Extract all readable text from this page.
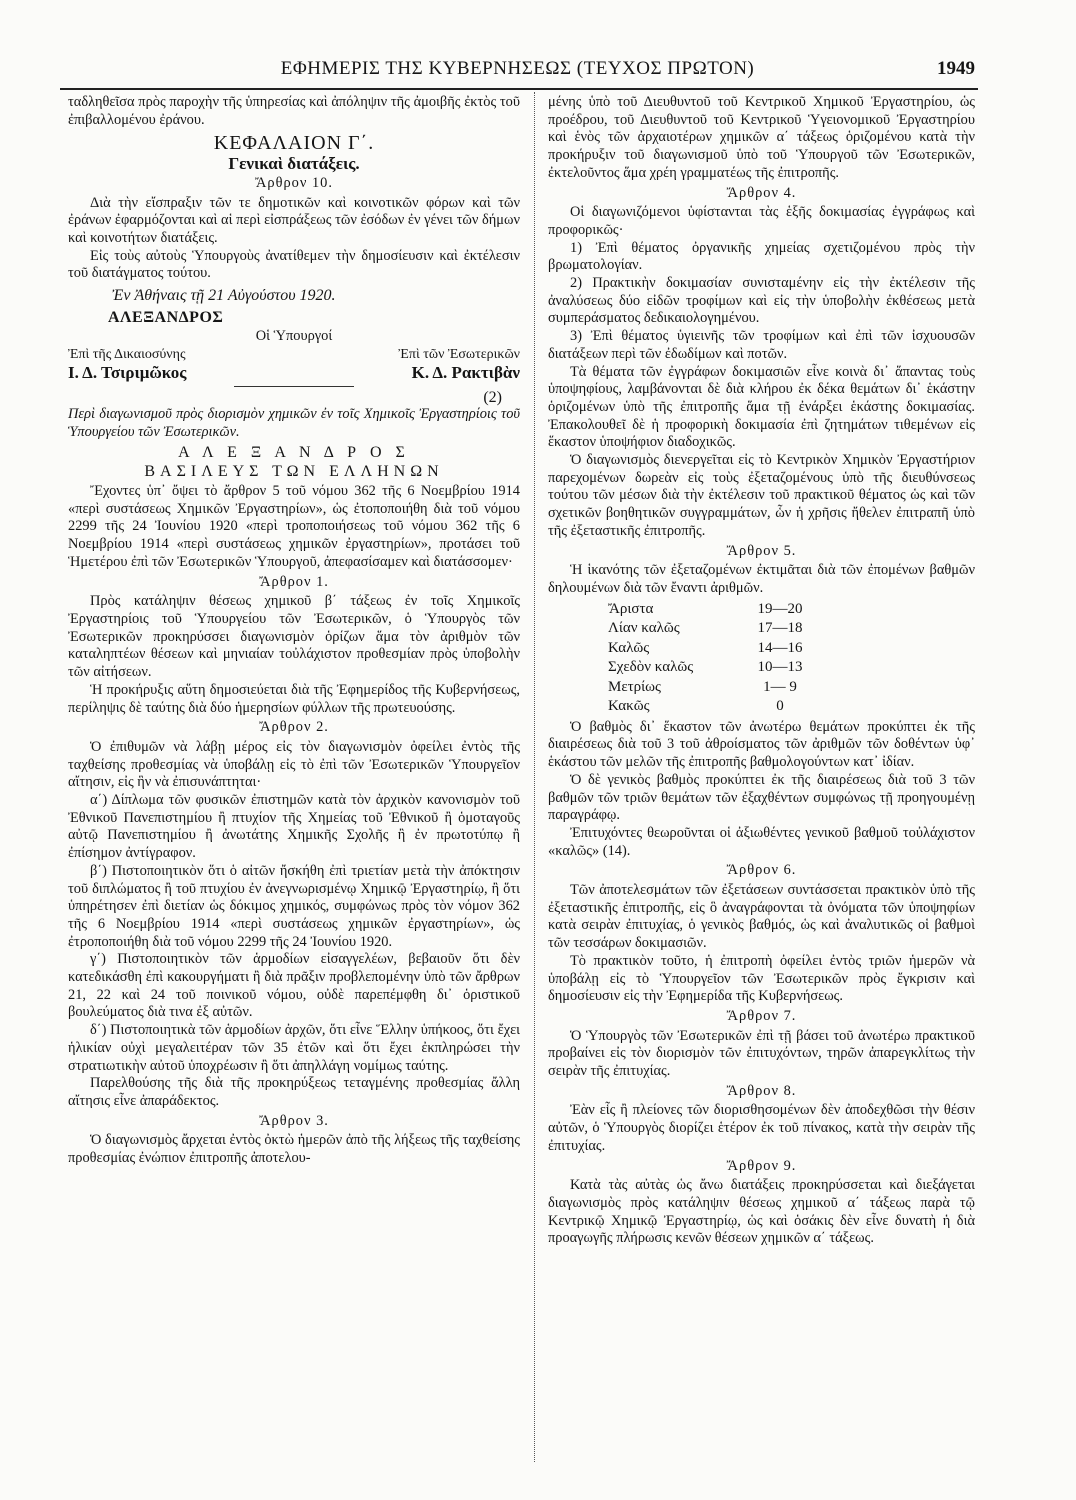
ΕΦΗΜΕΡΙΣ ΤΗΣ ΚΥΒΕΡΝΗΣΕΩΣ (ΤΕΥΧΟΣ ΠΡΩΤΟΝ)	1949

ταδληθεῖσα πρὸς παροχὴν τῆς ὑπηρεσίας καὶ ἀπόληψιν τῆς ἀμοιβῆς ἐκτὸς τοῦ ἐπιβαλλομένου ἐράνου.

ΚΕΦΑΛΑΙΟΝ Γ΄.
Γενικαὶ διατάξεις.
Ἄρθρον 10.

Διὰ τὴν εἴσπραξιν τῶν τε δημοτικῶν καὶ κοινοτικῶν φόρων καὶ τῶν ἐράνων ἐφαρμόζονται καὶ αἱ περὶ εἰσπράξεως τῶν ἐσόδων ἐν γένει τῶν δήμων καὶ κοινοτήτων διατάξεις.

Εἰς τοὺς αὐτοὺς Ὑπουργοὺς ἀνατίθεμεν τὴν δημοσίευσιν καὶ ἐκτέλεσιν τοῦ διατάγματος τούτου.

Ἐν Ἀθήναις τῇ 21 Αὐγούστου 1920.
ΑΛΕΞΑΝΔΡΟΣ
Οἱ Ὑπουργοί
Ἐπὶ τῆς Δικαιοσύνης	Ἐπὶ τῶν Ἐσωτερικῶν
Ι. Δ. Τσιριμῶκος	Κ. Δ. Ρακτιβὰν
(2)

Περὶ διαγωνισμοῦ πρὸς διορισμὸν χημικῶν ἐν τοῖς Χημικοῖς Ἐργαστηρίοις τοῦ Ὑπουργείου τῶν Ἐσωτερικῶν.

Α Λ Ε Ξ Α Ν Δ Ρ Ο Σ
ΒΑΣΙΛΕΥΣ ΤΩΝ ΕΛΛΗΝΩΝ

Ἔχοντες ὑπ᾿ ὄψει τὸ ἄρθρον 5 τοῦ νόμου 362 τῆς 6 Νοεμβρίου 1914 «περὶ συστάσεως Χημικῶν Ἐργαστηρίων», ὡς ἐτοποποιήθη διὰ τοῦ νόμου 2299 τῆς 24 Ἰουνίου 1920 «περὶ τροποποιήσεως τοῦ νόμου 362 τῆς 6 Νοεμβρίου 1914 «περὶ συστάσεως χημικῶν ἐργαστηρίων», προτάσει τοῦ Ἡμετέρου ἐπὶ τῶν Ἐσωτερικῶν Ὑπουργοῦ, ἀπεφασίσαμεν καὶ διατάσσομεν·

Ἄρθρον 1.

Πρὸς κατάληψιν θέσεως χημικοῦ β΄ τάξεως ἐν τοῖς Χημικοῖς Ἐργαστηρίοις τοῦ Ὑπουργείου τῶν Ἐσωτερικῶν, ὁ Ὑπουργὸς τῶν Ἐσωτερικῶν προκηρύσσει διαγωνισμὸν ὁρίζων ἅμα τὸν ἀριθμὸν τῶν καταληπτέων θέσεων καὶ μηνιαίαν τοὐλάχιστον προθεσμίαν πρὸς ὑποβολὴν τῶν αἰτήσεων.

Ἡ προκήρυξις αὕτη δημοσιεύεται διὰ τῆς Ἐφημερίδος τῆς Κυβερνήσεως, περίληψις δὲ ταύτης διὰ δύο ἡμερησίων φύλλων τῆς πρωτευούσης.

Ἄρθρον 2.

Ὁ ἐπιθυμῶν νὰ λάβῃ μέρος εἰς τὸν διαγωνισμὸν ὀφείλει ἐντὸς τῆς ταχθείσης προθεσμίας νὰ ὑποβάλῃ εἰς τὸ ἐπὶ τῶν Ἐσωτερικῶν Ὑπουργεῖον αἴτησιν, εἰς ἣν νὰ ἐπισυνάπτηται·

α΄) Δίπλωμα τῶν φυσικῶν ἐπιστημῶν κατὰ τὸν ἀρχικὸν κανονισμὸν τοῦ Ἐθνικοῦ Πανεπιστημίου ἢ πτυχίον τῆς Χημείας τοῦ Ἐθνικοῦ ἢ ὁμοταγοῦς αὐτῷ Πανεπιστημίου ἢ ἀνωτάτης Χημικῆς Σχολῆς ἢ ἐν πρωτοτύπῳ ἢ ἐπίσημον ἀντίγραφον.

β΄) Πιστοποιητικὸν ὅτι ὁ αἰτῶν ἤσκήθη ἐπὶ τριετίαν μετὰ τὴν ἀπόκτησιν τοῦ διπλώματος ἢ τοῦ πτυχίου ἐν ἀνεγνωρισμένῳ Χημικῷ Ἐργαστηρίῳ, ἢ ὅτι ὑπηρέτησεν ἐπὶ διετίαν ὡς δόκιμος χημικός, συμφώνως πρὸς τὸν νόμον 362 τῆς 6 Νοεμβρίου 1914 «περὶ συστάσεως χημικῶν ἐργαστηρίων», ὡς ἐτροποποιήθη διὰ τοῦ νόμου 2299 τῆς 24 Ἰουνίου 1920.

γ΄) Πιστοποιητικὸν τῶν ἁρμοδίων εἰσαγγελέων, βεβαιοῦν ὅτι δὲν κατεδικάσθη ἐπὶ κακουργήματι ἢ διὰ πρᾶξιν προβλεπομένην ὑπὸ τῶν ἄρθρων 21, 22 καὶ 24 τοῦ ποινικοῦ νόμου, οὐδὲ παρεπέμφθη δι᾿ ὁριστικοῦ βουλεύματος διὰ τινα ἐξ αὐτῶν.

δ΄) Πιστοποιητικὰ τῶν ἁρμοδίων ἀρχῶν, ὅτι εἶνε Ἕλλην ὑπήκοος, ὅτι ἔχει ἡλικίαν οὐχὶ μεγαλειτέραν τῶν 35 ἐτῶν καὶ ὅτι ἔχει ἐκπληρώσει τὴν στρατιωτικὴν αὐτοῦ ὑποχρέωσιν ἢ ὅτι ἀπηλλάγη νομίμως ταύτης.

Παρελθούσης τῆς διὰ τῆς προκηρύξεως τεταγμένης προθεσμίας ἄλλη αἴτησις εἶνε ἀπαράδεκτος.

Ἄρθρον 3.

Ὁ διαγωνισμὸς ἄρχεται ἐντὸς ὀκτὼ ἡμερῶν ἀπὸ τῆς λήξεως τῆς ταχθείσης προθεσμίας ἐνώπιον ἐπιτροπῆς ἀποτελου-

μένης ὑπὸ τοῦ Διευθυντοῦ τοῦ Κεντρικοῦ Χημικοῦ Ἐργαστηρίου, ὡς προέδρου, τοῦ Διευθυντοῦ τοῦ Κεντρικοῦ Ὑγειονομικοῦ Ἐργαστηρίου καὶ ἑνὸς τῶν ἀρχαιοτέρων χημικῶν α΄ τάξεως ὁριζομένου κατὰ τὴν προκήρυξιν τοῦ διαγωνισμοῦ ὑπὸ τοῦ Ὑπουργοῦ τῶν Ἐσωτερικῶν, ἐκτελοῦντος ἅμα χρέη γραμματέως τῆς ἐπιτροπῆς.

Ἄρθρον 4.

Οἱ διαγωνιζόμενοι ὑφίστανται τὰς ἑξῆς δοκιμασίας ἐγγράφως καὶ προφορικῶς·

1) Ἐπὶ θέματος ὀργανικῆς χημείας σχετιζομένου πρὸς τὴν βρωματολογίαν.

2) Πρακτικὴν δοκιμασίαν συνισταμένην εἰς τὴν ἐκτέλεσιν τῆς ἀναλύσεως δύο εἰδῶν τροφίμων καὶ εἰς τὴν ὑποβολὴν ἐκθέσεως μετὰ συμπεράσματος δεδικαιολογημένου.

3) Ἐπὶ θέματος ὑγιεινῆς τῶν τροφίμων καὶ ἐπὶ τῶν ἰσχυουσῶν διατάξεων περὶ τῶν ἐδωδίμων καὶ ποτῶν.

Τὰ θέματα τῶν ἐγγράφων δοκιμασιῶν εἶνε κοινὰ δι᾿ ἅπαντας τοὺς ὑποψηφίους, λαμβάνονται δὲ διὰ κλήρου ἐκ δέκα θεμάτων δι᾿ ἑκάστην ὁριζομένων ὑπὸ τῆς ἐπιτροπῆς ἅμα τῇ ἐνάρξει ἑκάστης δοκιμασίας. Ἐπακολουθεῖ δὲ ἡ προφορικὴ δοκιμασία ἐπὶ ζητημάτων τιθεμένων εἰς ἕκαστον ὑποψήφιον διαδοχικῶς.

Ὁ διαγωνισμὸς διενεργεῖται εἰς τὸ Κεντρικὸν Χημικὸν Ἐργαστήριον παρεχομένων δωρεὰν εἰς τοὺς ἐξεταζομένους ὑπὸ τῆς διευθύνσεως τούτου τῶν μέσων διὰ τὴν ἐκτέλεσιν τοῦ πρακτικοῦ θέματος ὡς καὶ τῶν σχετικῶν βοηθητικῶν συγγραμμάτων, ὧν ἡ χρῆσις ἤθελεν ἐπιτραπῆ ὑπὸ τῆς ἐξεταστικῆς ἐπιτροπῆς.

Ἄρθρον 5.

Ἡ ἱκανότης τῶν ἐξεταζομένων ἐκτιμᾶται διὰ τῶν ἐπομένων βαθμῶν δηλουμένων διὰ τῶν ἔναντι ἀριθμῶν.

Ἄριστα	19—20
Λίαν καλῶς	17—18
Καλῶς	14—16
Σχεδὸν καλῶς	10—13
Μετρίως	1— 9
Κακῶς	0

Ὁ βαθμὸς δι᾿ ἕκαστον τῶν ἀνωτέρω θεμάτων προκύπτει ἐκ τῆς διαιρέσεως διὰ τοῦ 3 τοῦ ἀθροίσματος τῶν ἀριθμῶν τῶν δοθέντων ὑφ᾿ ἑκάστου τῶν μελῶν τῆς ἐπιτροπῆς βαθμολογούντων κατ᾿ ἰδίαν.

Ὁ δὲ γενικὸς βαθμὸς προκύπτει ἐκ τῆς διαιρέσεως διὰ τοῦ 3 τῶν βαθμῶν τῶν τριῶν θεμάτων τῶν ἐξαχθέντων συμφώνως τῇ προηγουμένῃ παραγράφῳ.

Ἐπιτυχόντες θεωροῦνται οἱ ἀξιωθέντες γενικοῦ βαθμοῦ τοὐλάχιστον «καλῶς» (14).

Ἄρθρον 6.

Τῶν ἀποτελεσμάτων τῶν ἐξετάσεων συντάσσεται πρακτικὸν ὑπὸ τῆς ἐξεταστικῆς ἐπιτροπῆς, εἰς ὃ ἀναγράφονται τὰ ὀνόματα τῶν ὑποψηφίων κατὰ σειρὰν ἐπιτυχίας, ὁ γενικὸς βαθμός, ὡς καὶ ἀναλυτικῶς οἱ βαθμοὶ τῶν τεσσάρων δοκιμασιῶν.

Τὸ πρακτικὸν τοῦτο, ἡ ἐπιτροπὴ ὀφείλει ἐντὸς τριῶν ἡμερῶν νὰ ὑποβάλῃ εἰς τὸ Ὑπουργεῖον τῶν Ἐσωτερικῶν πρὸς ἔγκρισιν καὶ δημοσίευσιν εἰς τὴν Ἐφημερίδα τῆς Κυβερνήσεως.

Ἄρθρον 7.

Ὁ Ὑπουργὸς τῶν Ἐσωτερικῶν ἐπὶ τῇ βάσει τοῦ ἀνωτέρω πρακτικοῦ προβαίνει εἰς τὸν διορισμὸν τῶν ἐπιτυχόντων, τηρῶν ἀπαρεγκλίτως τὴν σειρὰν τῆς ἐπιτυχίας.

Ἄρθρον 8.

Ἐὰν εἷς ἢ πλείονες τῶν διορισθησομένων δὲν ἀποδεχθῶσι τὴν θέσιν αὐτῶν, ὁ Ὑπουργὸς διορίζει ἑτέρον ἐκ τοῦ πίνακος, κατὰ τὴν σειρὰν τῆς ἐπιτυχίας.

Ἄρθρον 9.

Κατὰ τὰς αὐτὰς ὡς ἄνω διατάξεις προκηρύσσεται καὶ διεξάγεται διαγωνισμὸς πρὸς κατάληψιν θέσεως χημικοῦ α΄ τάξεως παρὰ τῷ Κεντρικῷ Χημικῷ Ἐργαστηρίῳ, ὡς καὶ ὁσάκις δὲν εἶνε δυνατὴ ἡ διὰ προαγωγῆς πλήρωσις κενῶν θέσεων χημικῶν α΄ τάξεως.
